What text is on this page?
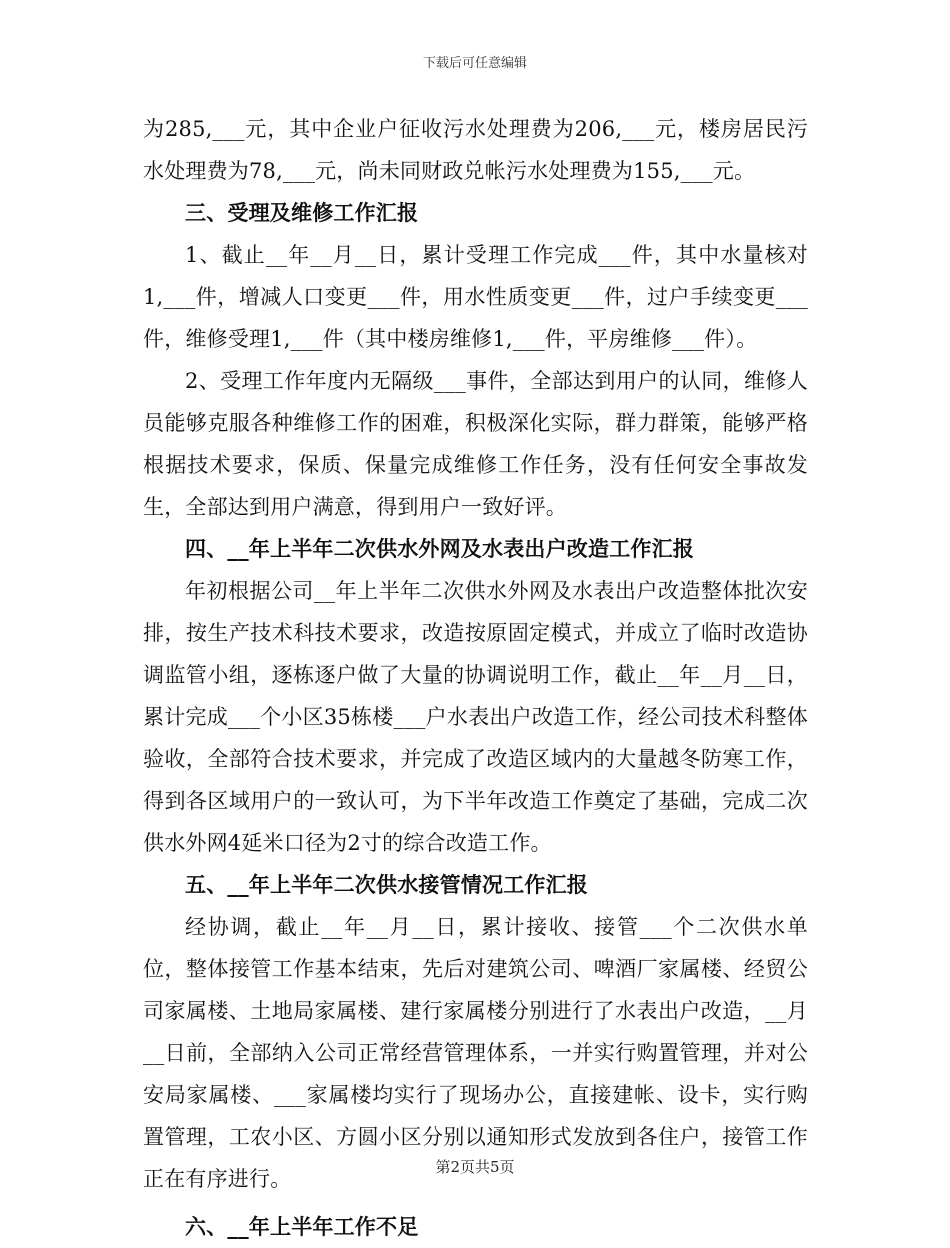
下载后可任意编辑

为285,___元，其中企业户征收污水处理费为206,___元，楼房居民污水处理费为78,___元，尚未同财政兑帐污水处理费为155,___元。

三、受理及维修工作汇报

1、截止__年__月__日，累计受理工作完成___件，其中水量核对1,___件，增减人口变更___件，用水性质变更___件，过户手续变更___件，维修受理1,___件（其中楼房维修1,___件，平房维修___件）。

2、受理工作年度内无隔级___事件，全部达到用户的认同，维修人员能够克服各种维修工作的困难，积极深化实际，群力群策，能够严格根据技术要求，保质、保量完成维修工作任务，没有任何安全事故发生，全部达到用户满意，得到用户一致好评。

四、__年上半年二次供水外网及水表出户改造工作汇报

年初根据公司__年上半年二次供水外网及水表出户改造整体批次安排，按生产技术科技术要求，改造按原固定模式，并成立了临时改造协调监管小组，逐栋逐户做了大量的协调说明工作，截止__年__月__日，累计完成___个小区35栋楼___户水表出户改造工作，经公司技术科整体验收，全部符合技术要求，并完成了改造区域内的大量越冬防寒工作，得到各区域用户的一致认可，为下半年改造工作奠定了基础，完成二次供水外网4延米口径为2寸的综合改造工作。

五、__年上半年二次供水接管情况工作汇报

经协调，截止__年__月__日，累计接收、接管___个二次供水单位，整体接管工作基本结束，先后对建筑公司、啤酒厂家属楼、经贸公司家属楼、土地局家属楼、建行家属楼分别进行了水表出户改造，__月__日前，全部纳入公司正常经营管理体系，一并实行购置管理，并对公安局家属楼、___家属楼均实行了现场办公，直接建帐、设卡，实行购置管理，工农小区、方圆小区分别以通知形式发放到各住户，接管工作正在有序进行。

六、__年上半年工作不足
第2页共5页
